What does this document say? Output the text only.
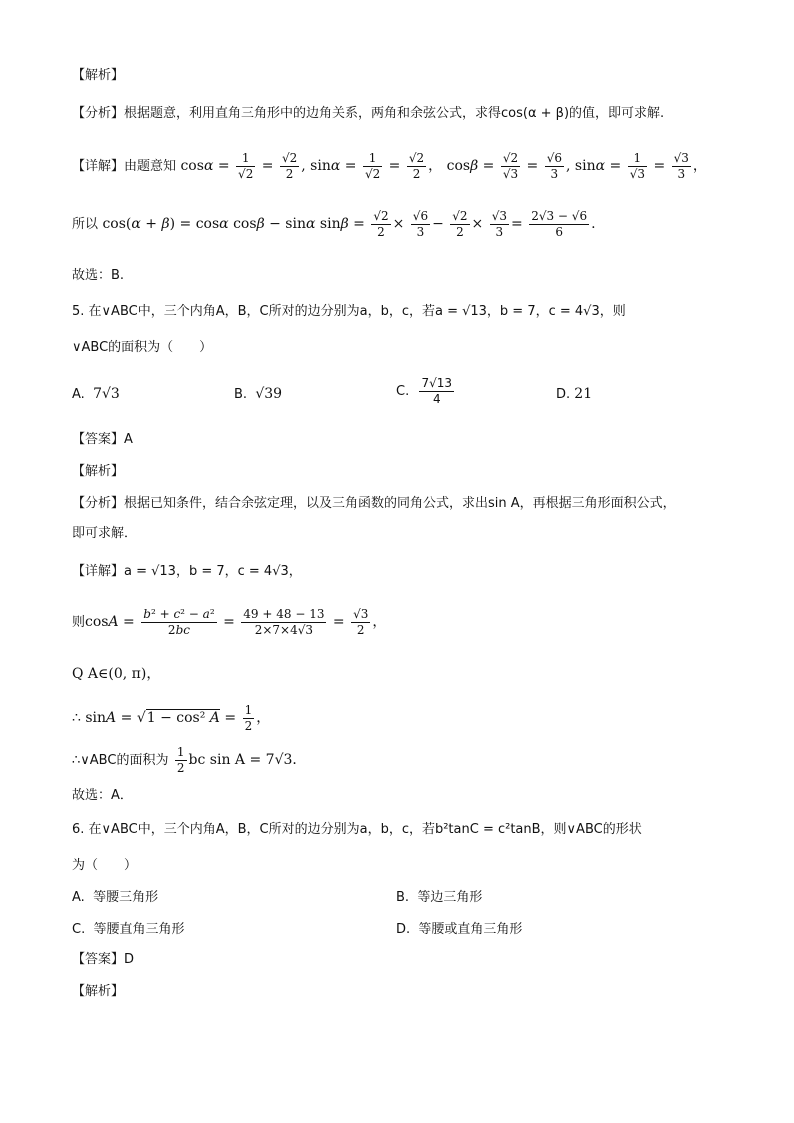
【解析】
【分析】根据题意，利用直角三角形中的边角关系，两角和余弦公式，求得cos(α + β)的值，即可求解.
【详解】由题意知 $\cos\alpha = \frac{1}{√2} = \frac{√2}{2}$ , $\sin\alpha = \frac{1}{√2} = \frac{√2}{2}$ ， $\cos\beta = \frac{√2}{√3} = \frac{√6}{3}$ , $\sin\alpha = \frac{1}{√3} = \frac{√3}{3}$ ，
所以 cos(α + β) = cosα cosβ − sinα $\sin\beta = \frac{√2}{2} \times \frac{√6}{3} - \frac{√2}{2} \times \frac{√3}{3} = \frac{2√3 - √6}{6}$ .
故选：B.
5. 在∨ABC中，三个内角A，B，C所对的边分别为a，b，c，若a = √13，b = 7，c = 4√3，则
∨ABC的面积为（　　）
A. 7√3	B. √39	C. $\frac{7√13}{4}$	D. 21
【答案】A
【解析】
【分析】根据已知条件，结合余弦定理，以及三角函数的同角公式，求出sin A，再根据三角形面积公式，
即可求解．
【详解】a = √13，b = 7，c = 4√3，
则$\cos A = \frac{\text{b² + c² − a²}}{2bc} = \frac{49 + 48 - 13}{2\times 7\times 4√3} = \frac{√3}{2}$ ，
Q A∈(0, π)，
∴ sinA = √1 − cos² $A = \frac{1}{2}$ ，
∴∨ABC的面积为 $\frac{1}{2}$ bc sin A = 7√3．
故选：A．
6. 在∨ABC中，三个内角A，B，C所对的边分别为a，b，c，若b²tanC = c²tanB，则∨ABC的形状
为（　　）
A. 等腰三角形	B. 等边三角形
C. 等腰直角三角形	D. 等腰或直角三角形
【答案】D
【解析】
